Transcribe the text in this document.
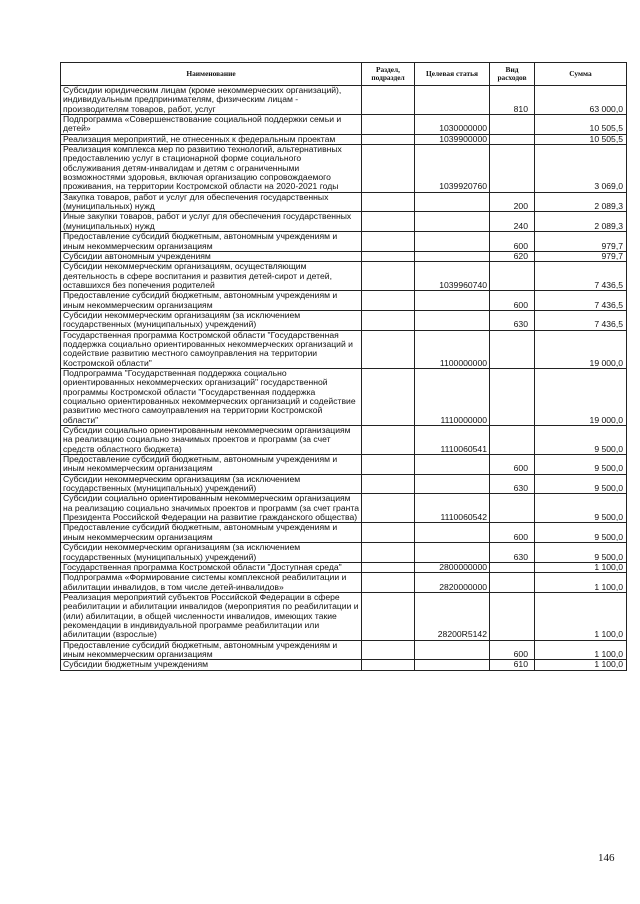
Наименование	Раздел, подраздел	Целевая статья	Вид расходов	Сумма
Субсидии юридическим лицам (кроме некоммерческих организаций), индивидуальным предпринимателям, физическим лицам - производителям товаров, работ, услуг			810	63 000,0
Подпрограмма «Совершенствование социальной поддержки семьи и детей»		1030000000		10 505,5
Реализация мероприятий, не отнесенных к федеральным проектам		1039900000		10 505,5
Реализация комплекса мер по развитию технологий, альтернативных предоставлению услуг в стационарной форме социального обслуживания детям-инвалидам и детям с ограниченными возможностями здоровья, включая организацию сопровождаемого проживания, на территории Костромской области на 2020-2021 годы		1039920760		3 069,0
Закупка товаров, работ и услуг для обеспечения государственных (муниципальных) нужд			200	2 089,3
Иные закупки товаров, работ и услуг для обеспечения государственных (муниципальных) нужд			240	2 089,3
Предоставление субсидий бюджетным, автономным учреждениям и иным некоммерческим организациям			600	979,7
Субсидии автономным учреждениям			620	979,7
Субсидии некоммерческим организациям, осуществляющим деятельность в сфере воспитания и развития детей-сирот и детей, оставшихся без попечения родителей		1039960740		7 436,5
Предоставление субсидий бюджетным, автономным учреждениям и иным некоммерческим организациям			600	7 436,5
Субсидии некоммерческим организациям (за исключением государственных (муниципальных) учреждений)			630	7 436,5
Государственная программа Костромской области "Государственная поддержка социально ориентированных некоммерческих организаций и содействие развитию местного самоуправления на территории Костромской области"		1100000000		19 000,0
Подпрограмма "Государственная поддержка социально ориентированных некоммерческих организаций" государственной программы Костромской области "Государственная поддержка социально ориентированных некоммерческих организаций и содействие развитию местного самоуправления на территории Костромской области"		1110000000		19 000,0
Субсидии социально ориентированным некоммерческим организациям на реализацию социально значимых проектов и программ (за счет средств областного бюджета)		1110060541		9 500,0
Предоставление субсидий бюджетным, автономным учреждениям и иным некоммерческим организациям			600	9 500,0
Субсидии некоммерческим организациям (за исключением государственных (муниципальных) учреждений)			630	9 500,0
Субсидии социально ориентированным некоммерческим организациям на реализацию социально значимых проектов и программ (за счет гранта Президента Российской Федерации на развитие гражданского общества)		1110060542		9 500,0
Предоставление субсидий бюджетным, автономным учреждениям и иным некоммерческим организациям			600	9 500,0
Субсидии некоммерческим организациям (за исключением государственных (муниципальных) учреждений)			630	9 500,0
Государственная программа Костромской области "Доступная среда"		2800000000		1 100,0
Подпрограмма «Формирование системы комплексной реабилитации и абилитации инвалидов, в том числе детей-инвалидов»		2820000000		1 100,0
Реализация мероприятий субъектов Российской Федерации в сфере реабилитации и абилитации инвалидов (мероприятия по реабилитации и (или) абилитации, в общей численности инвалидов, имеющих такие рекомендации в индивидуальной программе реабилитации или абилитации (взрослые)		28200R5142		1 100,0
Предоставление субсидий бюджетным, автономным учреждениям и иным некоммерческим организациям			600	1 100,0
Субсидии бюджетным учреждениям			610	1 100,0
146
